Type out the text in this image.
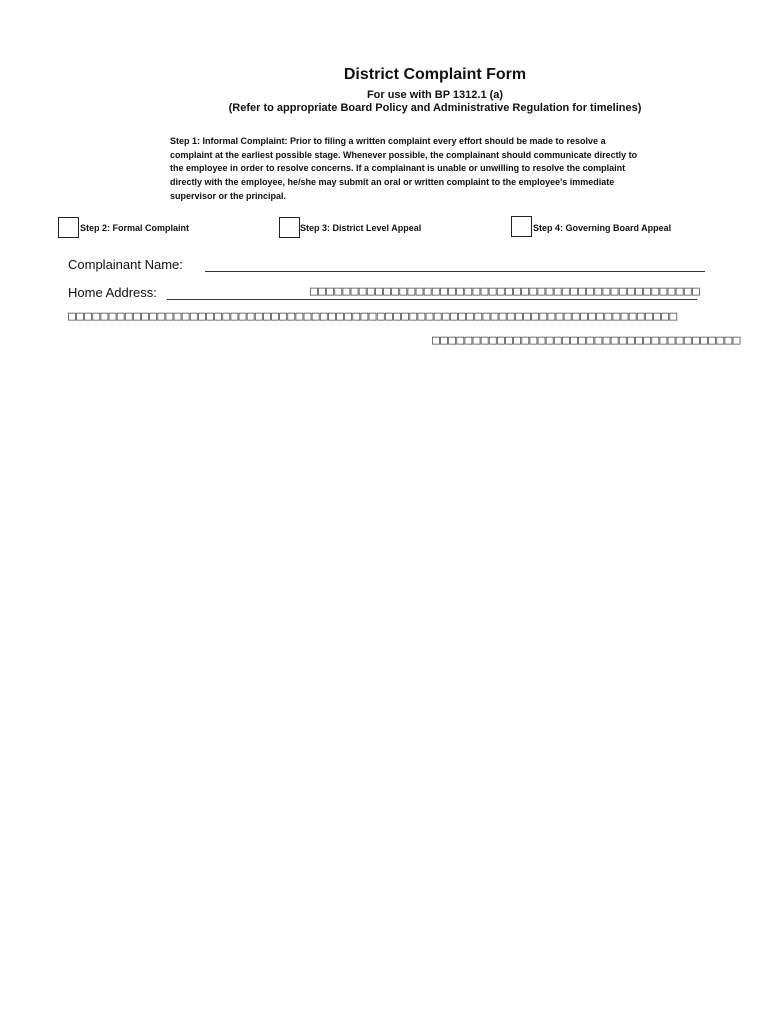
District Complaint Form
For use with BP 1312.1 (a)
(Refer to appropriate Board Policy and Administrative Regulation for timelines)
Step 1: Informal Complaint: Prior to filing a written complaint every effort should be made to resolve a
complaint at the earliest possible stage. Whenever possible, the complainant should communicate directly to
the employee in order to resolve concerns. If a complainant is unable or unwilling to resolve the complaint
directly with the employee, he/she may submit an oral or written complaint to the employee's immediate
supervisor or the principal.
Step 2: Formal Complaint	Step 3: District Level Appeal	Step 4: Governing Board Appeal
Complainant Name:
Home Address:	□□□□□□□□□□□□□□□□□□□□□□□□□□□□□□□□□□□□□□□□□□□□□□□□
□□□□□□□□□□□□□□□□□□□□□□□□□□□□□□□□□□□□□□□□□□□□□□□□□□□□□□□□□□□□□□□□□□□□□□□□□□□
□□□□□□□□□□□□□□□□□□□□□□□□□□□□□□□□□□□□□□
